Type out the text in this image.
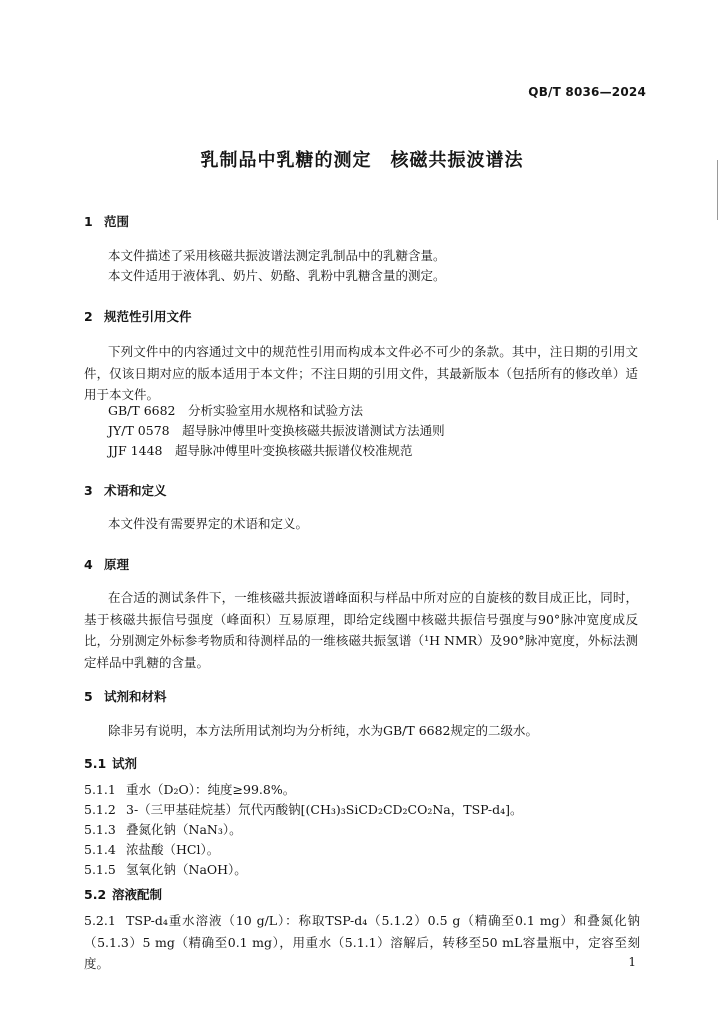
QB/T 8036—2024
乳制品中乳糖的测定　核磁共振波谱法
1 范围
本文件描述了采用核磁共振波谱法测定乳制品中的乳糖含量。
本文件适用于液体乳、奶片、奶酪、乳粉中乳糖含量的测定。
2 规范性引用文件
下列文件中的内容通过文中的规范性引用而构成本文件必不可少的条款。其中，注日期的引用文件，仅该日期对应的版本适用于本文件；不注日期的引用文件，其最新版本（包括所有的修改单）适用于本文件。
GB/T 6682　分析实验室用水规格和试验方法
JY/T 0578　超导脉冲傅里叶变换核磁共振波谱测试方法通则
JJF 1448　超导脉冲傅里叶变换核磁共振谱仪校准规范
3 术语和定义
本文件没有需要界定的术语和定义。
4 原理
在合适的测试条件下，一维核磁共振波谱峰面积与样品中所对应的自旋核的数目成正比，同时，基于核磁共振信号强度（峰面积）互易原理，即给定线圈中核磁共振信号强度与90°脉冲宽度成反比，分别测定外标参考物质和待测样品的一维核磁共振氢谱（¹H NMR）及90°脉冲宽度，外标法测定样品中乳糖的含量。
5 试剂和材料
除非另有说明，本方法所用试剂均为分析纯，水为GB/T 6682规定的二级水。
5.1 试剂
5.1.1 重水（D₂O）：纯度≥99.8%。
5.1.2 3-（三甲基硅烷基）氘代丙酸钠[(CH₃)₃SiCD₂CD₂CO₂Na，TSP-d₄]。
5.1.3 叠氮化钠（NaN₃）。
5.1.4 浓盐酸（HCl）。
5.1.5 氢氧化钠（NaOH）。
5.2 溶液配制
5.2.1 TSP-d₄重水溶液（10 g/L）：称取TSP-d₄（5.1.2）0.5 g（精确至0.1 mg）和叠氮化钠（5.1.3）5 mg（精确至0.1 mg），用重水（5.1.1）溶解后，转移至50 mL容量瓶中，定容至刻度。	1
